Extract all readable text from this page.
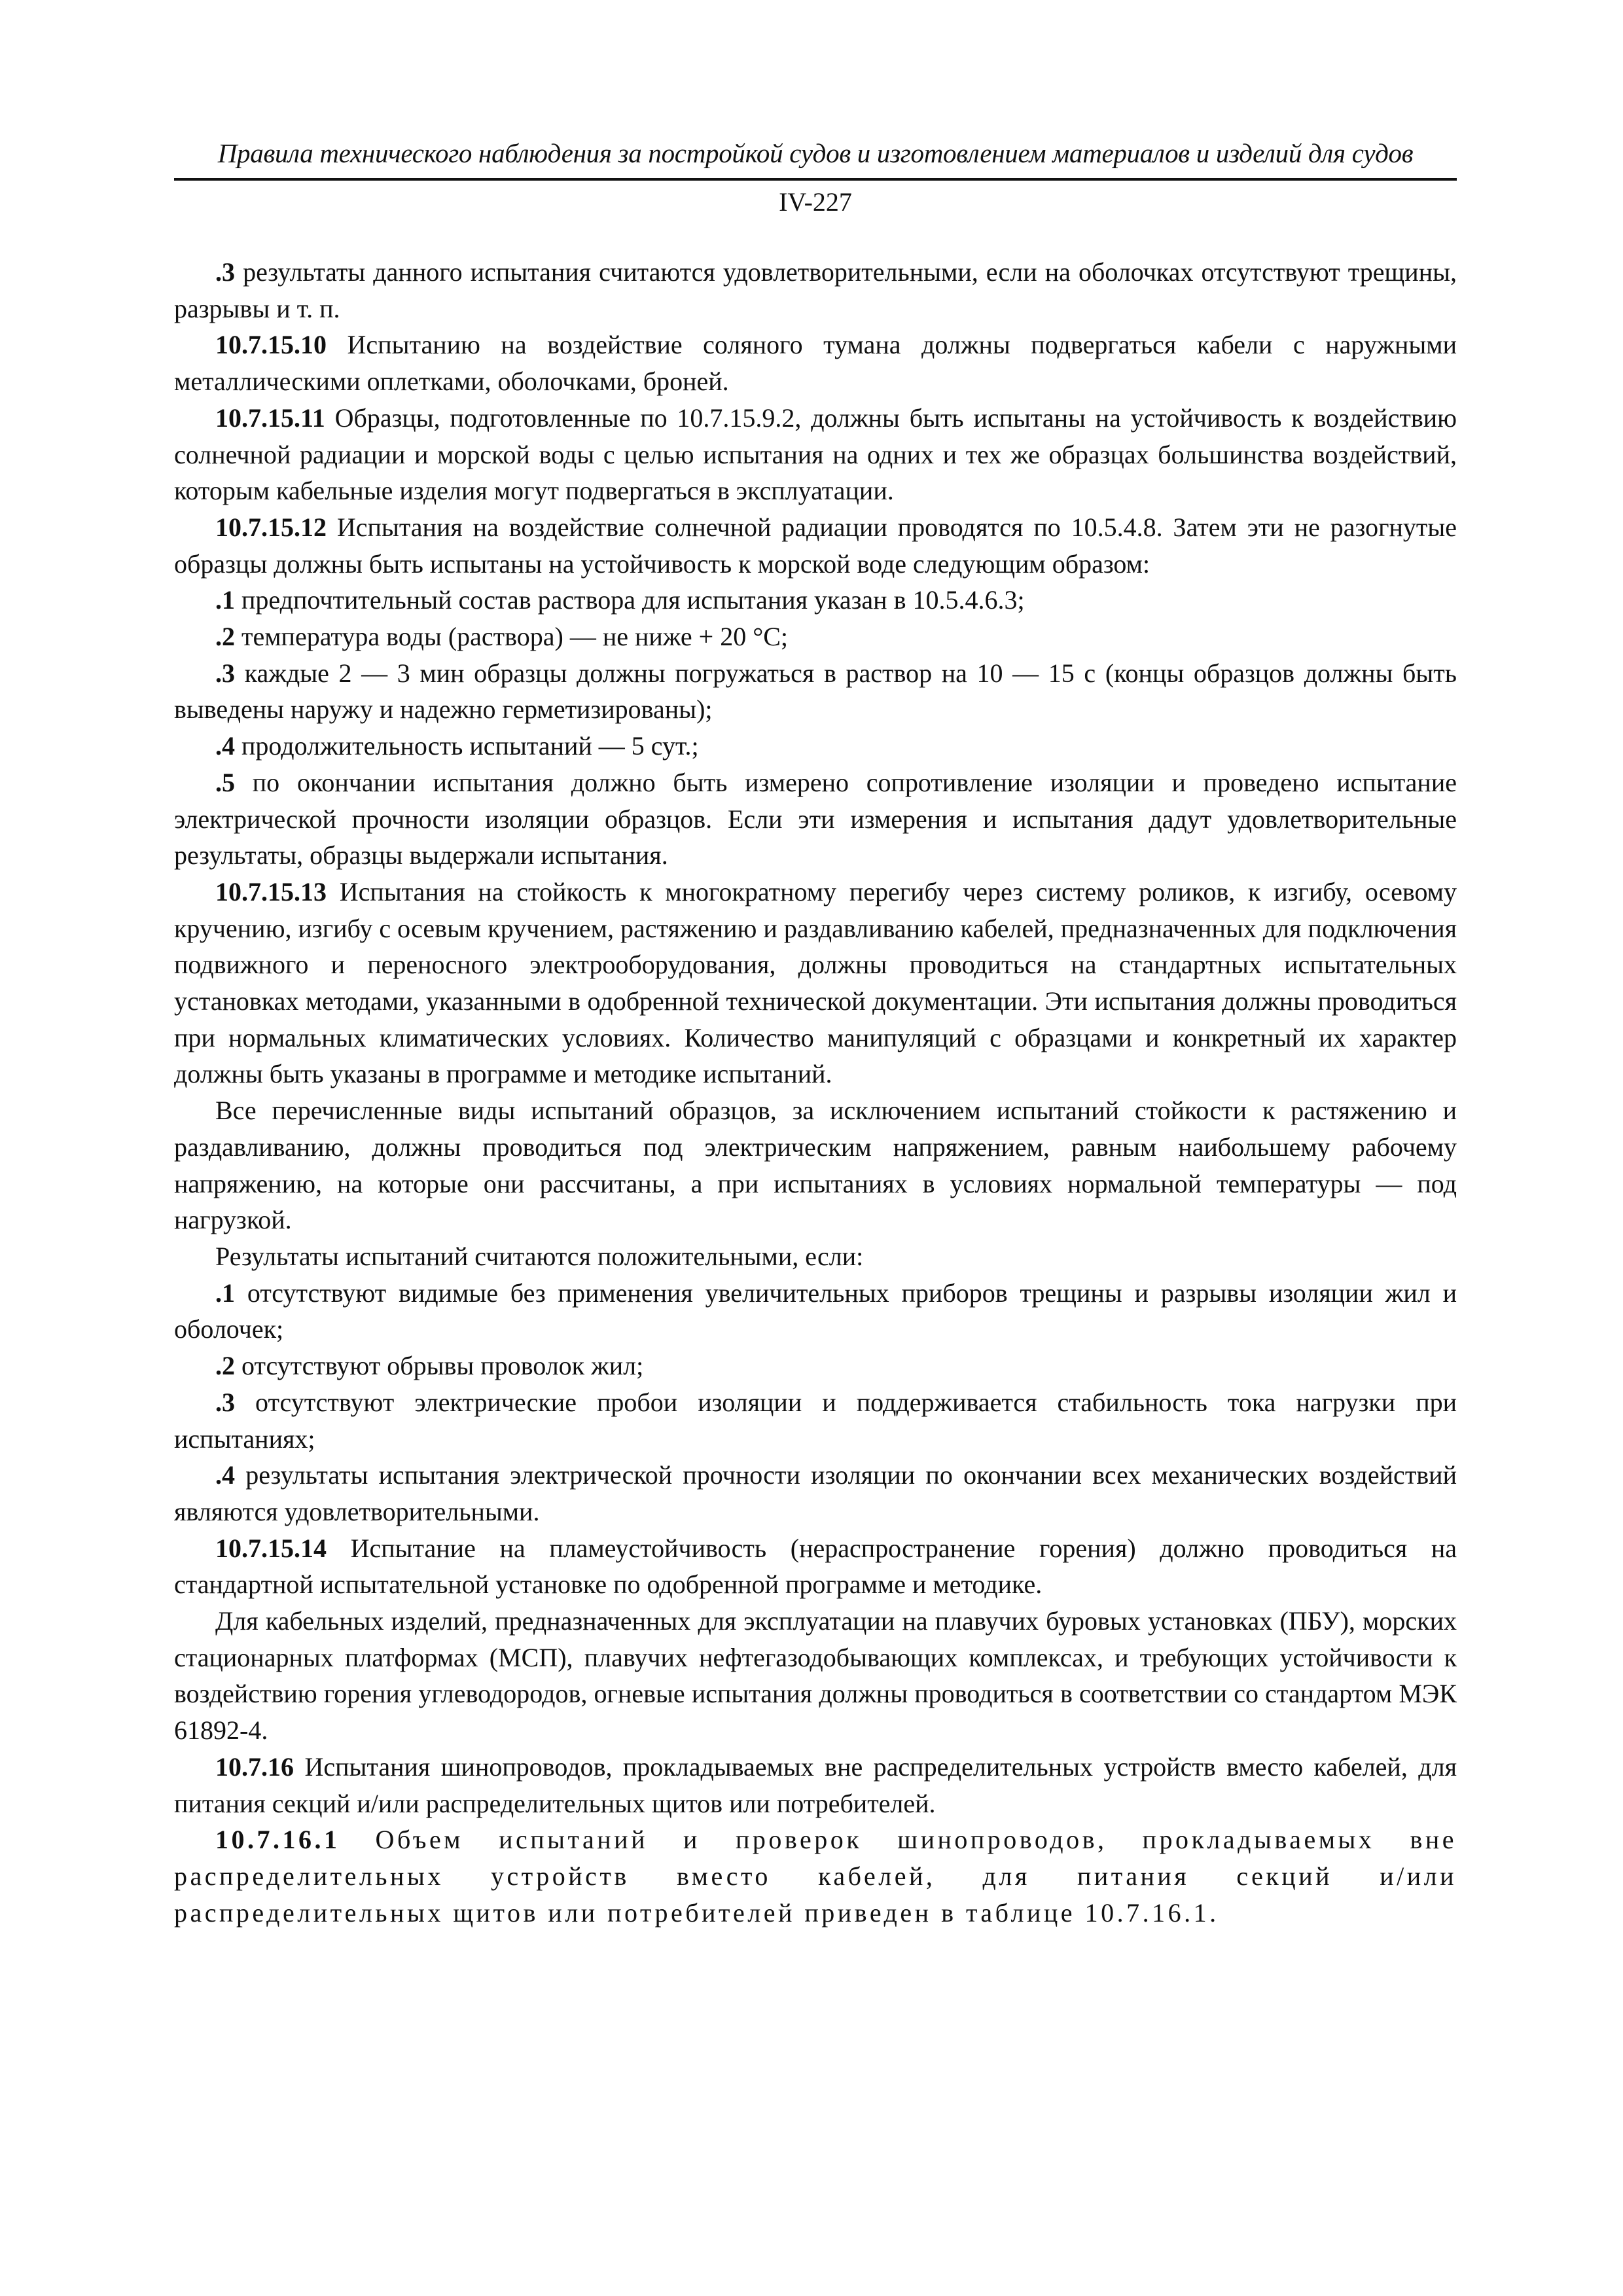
Правила технического наблюдения за постройкой судов и изготовлением материалов и изделий для судов
IV-227

.3 результаты данного испытания считаются удовлетворительными, если на оболочках отсутствуют трещины, разрывы и т. п.

10.7.15.10 Испытанию на воздействие соляного тумана должны подвергаться кабели с наружными металлическими оплетками, оболочками, броней.

10.7.15.11 Образцы, подготовленные по 10.7.15.9.2, должны быть испытаны на устойчивость к воздействию солнечной радиации и морской воды с целью испытания на одних и тех же образцах большинства воздействий, которым кабельные изделия могут подвергаться в эксплуатации.

10.7.15.12 Испытания на воздействие солнечной радиации проводятся по 10.5.4.8. Затем эти не разогнутые образцы должны быть испытаны на устойчивость к морской воде следующим образом:

.1 предпочтительный состав раствора для испытания указан в 10.5.4.6.3;

.2 температура воды (раствора) — не ниже + 20 °С;

.3 каждые 2 — 3 мин образцы должны погружаться в раствор на 10 — 15 с (концы образцов должны быть выведены наружу и надежно герметизированы);

.4 продолжительность испытаний — 5 сут.;

.5 по окончании испытания должно быть измерено сопротивление изоляции и проведено испытание электрической прочности изоляции образцов. Если эти измерения и испытания дадут удовлетворительные результаты, образцы выдержали испытания.

10.7.15.13 Испытания на стойкость к многократному перегибу через систему роликов, к изгибу, осевому кручению, изгибу с осевым кручением, растяжению и раздавливанию кабелей, предназначенных для подключения подвижного и переносного электрооборудования, должны проводиться на стандартных испытательных установках методами, указанными в одобренной технической документации. Эти испытания должны проводиться при нормальных климатических условиях. Количество манипуляций с образцами и конкретный их характер должны быть указаны в программе и методике испытаний.

Все перечисленные виды испытаний образцов, за исключением испытаний стойкости к растяжению и раздавливанию, должны проводиться под электрическим напряжением, равным наибольшему рабочему напряжению, на которые они рассчитаны, а при испытаниях в условиях нормальной температуры — под нагрузкой.

Результаты испытаний считаются положительными, если:

.1 отсутствуют видимые без применения увеличительных приборов трещины и разрывы изоляции жил и оболочек;

.2 отсутствуют обрывы проволок жил;

.3 отсутствуют электрические пробои изоляции и поддерживается стабильность тока нагрузки при испытаниях;

.4 результаты испытания электрической прочности изоляции по окончании всех механических воздействий являются удовлетворительными.

10.7.15.14 Испытание на пламеустойчивость (нераспространение горения) должно проводиться на стандартной испытательной установке по одобренной программе и методике.

Для кабельных изделий, предназначенных для эксплуатации на плавучих буровых установках (ПБУ), морских стационарных платформах (МСП), плавучих нефтегазодобывающих комплексах, и требующих устойчивости к воздействию горения углеводородов, огневые испытания должны проводиться в соответствии со стандартом МЭК 61892-4.

10.7.16 Испытания шинопроводов, прокладываемых вне распределительных устройств вместо кабелей, для питания секций и/или распределительных щитов или потребителей.

10.7.16.1 Объем испытаний и проверок шинопроводов, прокладываемых вне распределительных устройств вместо кабелей, для питания секций и/или распределительных щитов или потребителей приведен в таблице 10.7.16.1.
